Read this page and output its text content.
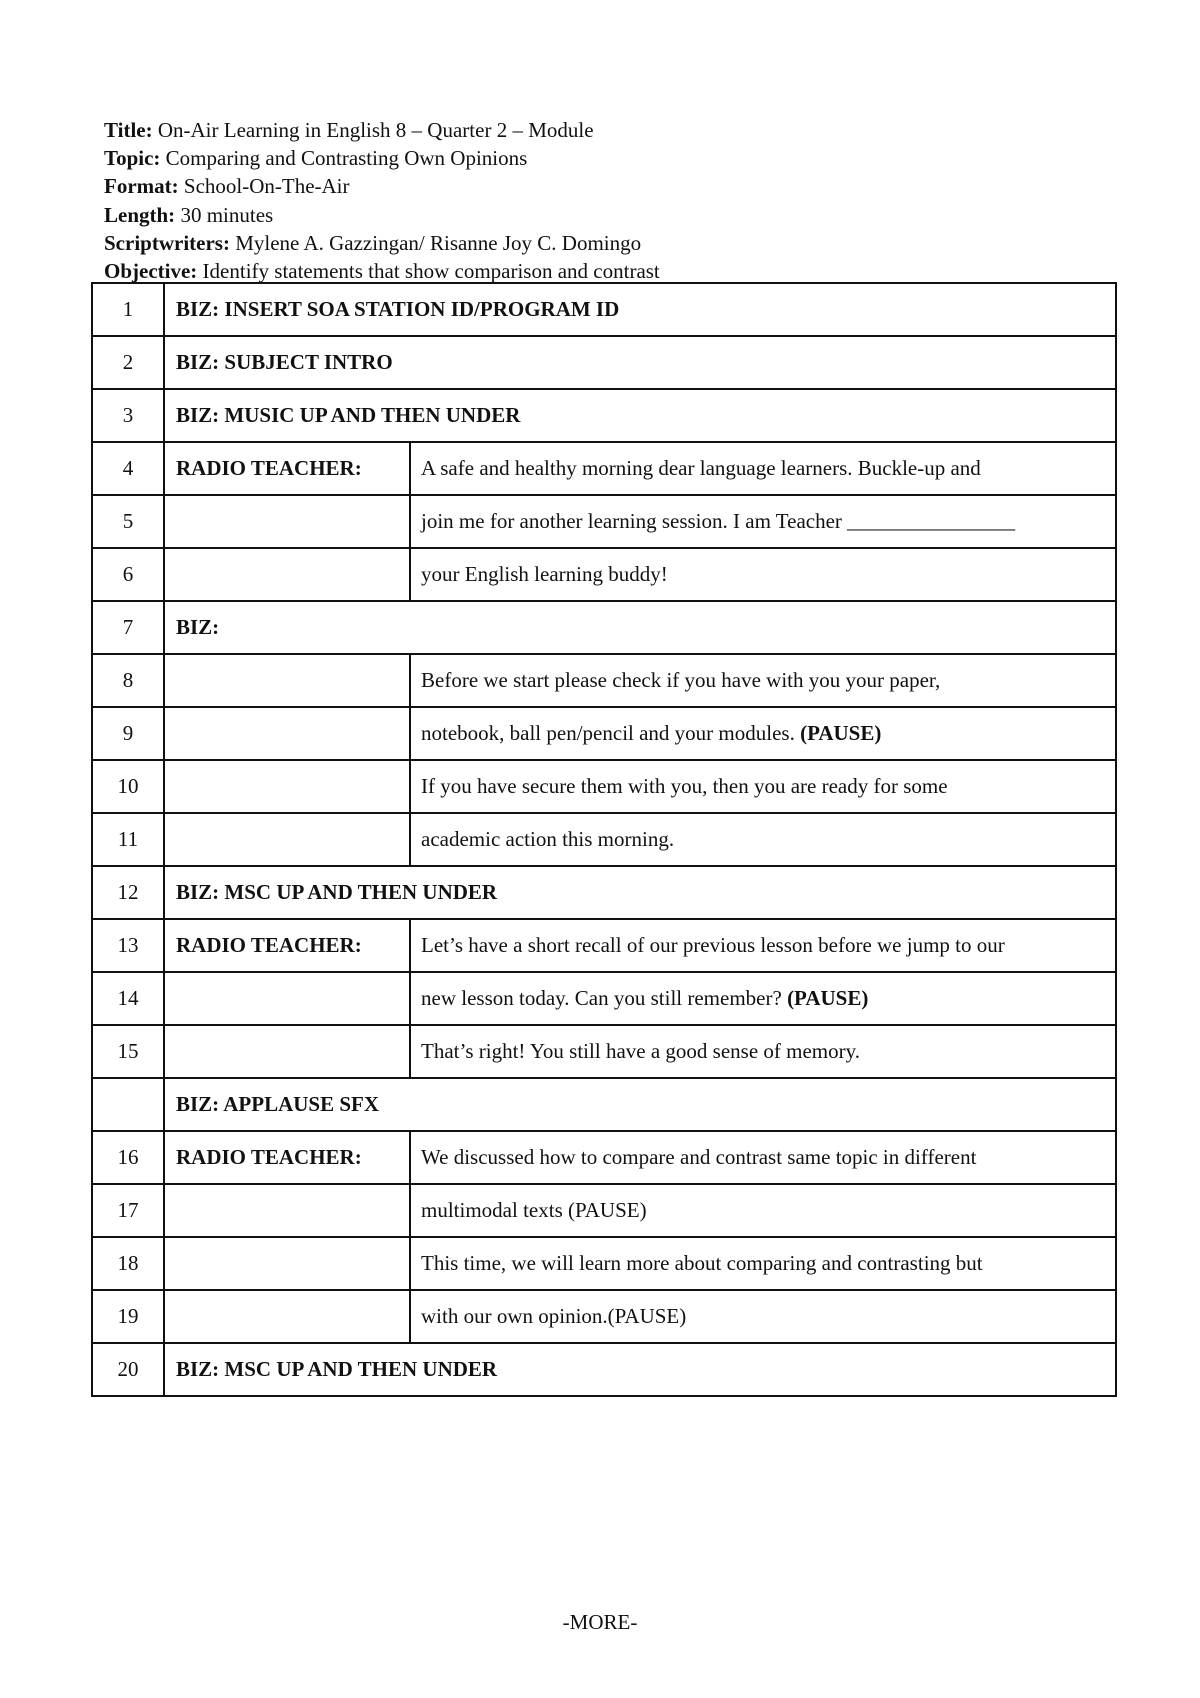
Title: On-Air Learning in English 8 – Quarter 2 – Module
Topic: Comparing and Contrasting Own Opinions
Format: School-On-The-Air
Length: 30 minutes
Scriptwriters: Mylene A. Gazzingan/ Risanne Joy C. Domingo
Objective: Identify statements that show comparison and contrast
1	BIZ: INSERT SOA STATION ID/PROGRAM ID	
2	BIZ: SUBJECT INTRO	
3	BIZ: MUSIC UP AND THEN UNDER	
4	RADIO TEACHER:	A safe and healthy morning dear language learners. Buckle-up and
5		join me for another learning session. I am Teacher ________________
6		your English learning buddy!
7	BIZ:	
8		Before we start please check if you have with you your paper,
9		notebook, ball pen/pencil and your modules. (PAUSE)
10		If you have secure them with you, then you are ready for some
11		academic action this morning.
12	BIZ: MSC UP AND THEN UNDER	
13	RADIO TEACHER:	Let’s have a short recall of our previous lesson before we jump to our
14		new lesson today. Can you still remember? (PAUSE)
15		That’s right! You still have a good sense of memory.
	BIZ: APPLAUSE SFX	
16	RADIO TEACHER:	We discussed how to compare and contrast same topic in different
17		multimodal texts (PAUSE)
18		This time, we will learn more about comparing and contrasting but
19		with our own opinion.(PAUSE)
20	BIZ: MSC UP AND THEN UNDER	
-MORE-
